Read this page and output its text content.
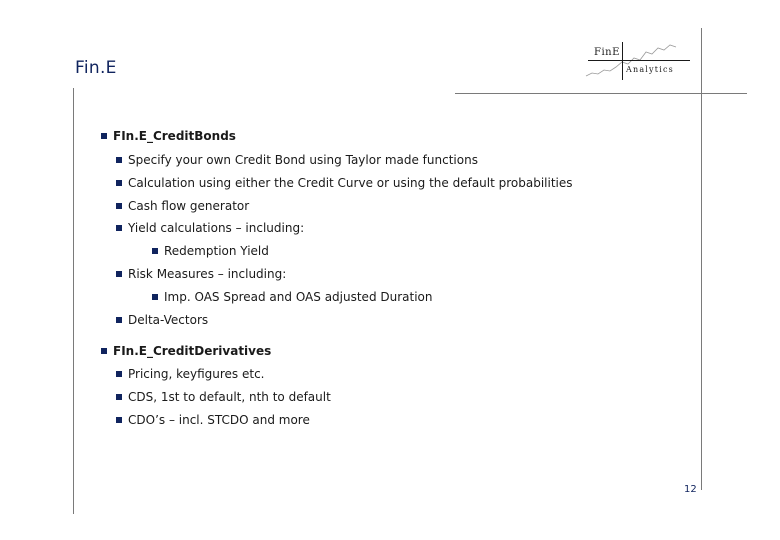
Fin.E
FinE
Analytics
FIn.E_CreditBonds
Specify your own Credit Bond using Taylor made functions
Calculation using either the Credit Curve or using the default probabilities
Cash flow generator
Yield calculations – including:
Redemption Yield
Risk Measures – including:
Imp. OAS Spread and OAS adjusted Duration
Delta-Vectors
FIn.E_CreditDerivatives
Pricing, keyfigures etc.
CDS, 1st to default, nth to default
CDO’s – incl. STCDO and more
12
